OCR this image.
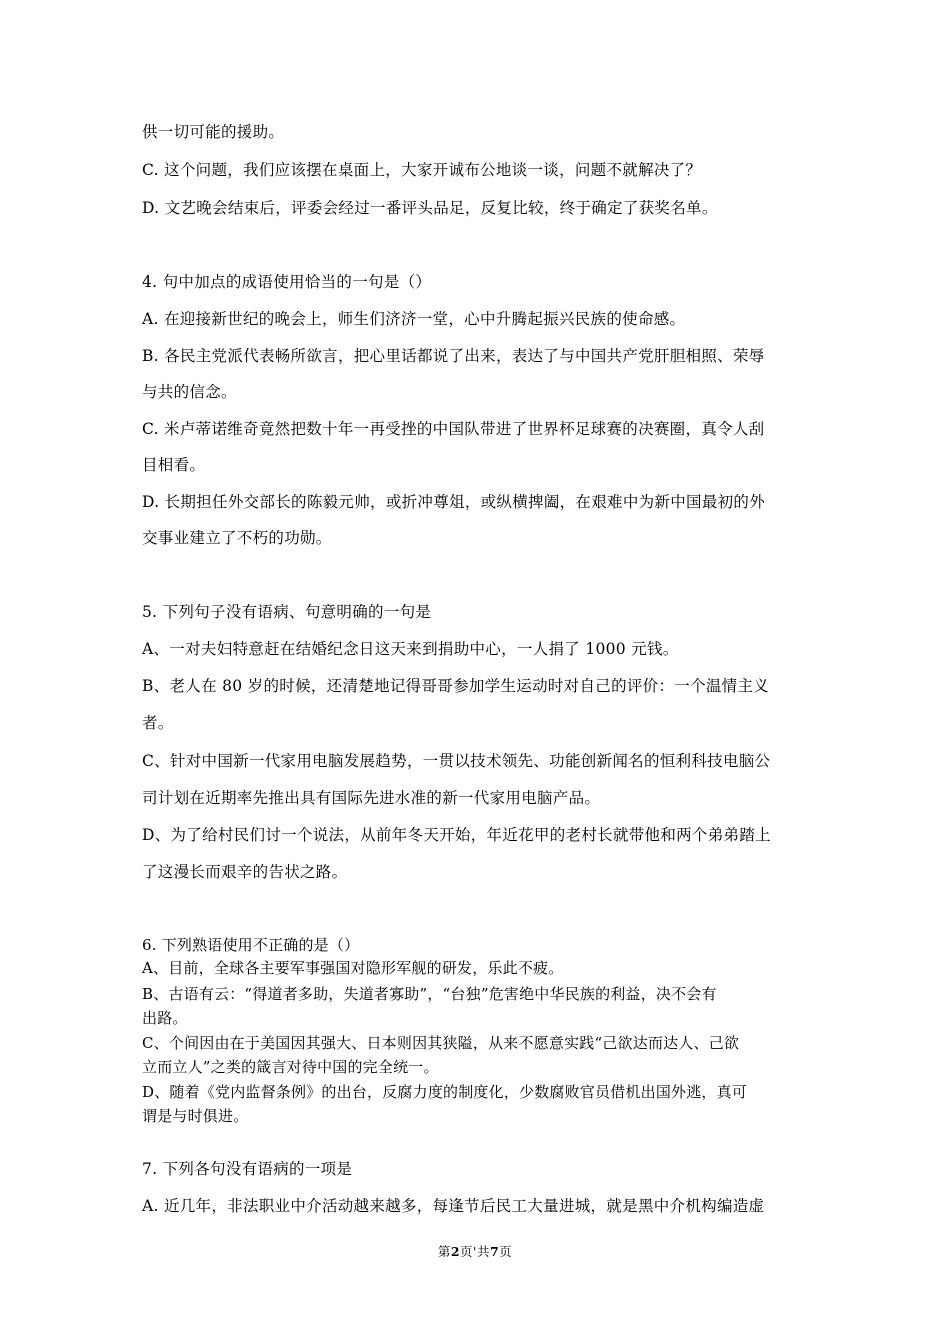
供一切可能的援助。
C. 这个问题，我们应该摆在桌面上，大家开诚布公地谈一谈，问题不就解决了？
D. 文艺晚会结束后，评委会经过一番评头品足，反复比较，终于确定了获奖名单。
4. 句中加点的成语使用恰当的一句是（）
A. 在迎接新世纪的晚会上，师生们济济一堂，心中升腾起振兴民族的使命感。
B. 各民主党派代表畅所欲言，把心里话都说了出来，表达了与中国共产党肝胆相照、荣辱
与共的信念。
C. 米卢蒂诺维奇竟然把数十年一再受挫的中国队带进了世界杯足球赛的决赛圈，真令人刮
目相看。
D. 长期担任外交部长的陈毅元帅，或折冲尊俎，或纵横捭阖，在艰难中为新中国最初的外
交事业建立了不朽的功勋。
5. 下列句子没有语病、句意明确的一句是
A、一对夫妇特意赶在结婚纪念日这天来到捐助中心，一人捐了 1000 元钱。
B、老人在 80 岁的时候，还清楚地记得哥哥参加学生运动时对自己的评价：一个温情主义
者。
C、针对中国新一代家用电脑发展趋势，一贯以技术领先、功能创新闻名的恒利科技电脑公
司计划在近期率先推出具有国际先进水准的新一代家用电脑产品。
D、为了给村民们讨一个说法，从前年冬天开始，年近花甲的老村长就带他和两个弟弟踏上
了这漫长而艰辛的告状之路。
6. 下列熟语使用不正确的是（）
A、目前，全球各主要军事强国对隐形军舰的研发，乐此不疲。
B、古语有云：“得道者多助，失道者寡助”，“台独”危害绝中华民族的利益，决不会有
出路。
C、个间因由在于美国因其强大、日本则因其狭隘，从来不愿意实践“己欲达而达人、己欲
立而立人”之类的箴言对待中国的完全统一。
D、随着《党内监督条例》的出台，反腐力度的制度化，少数腐败官员借机出国外逃，真可
谓是与时俱进。
7. 下列各句没有语病的一项是
A. 近几年，非法职业中介活动越来越多，每逢节后民工大量进城，就是黑中介机构编造虚
第2页'共7页
